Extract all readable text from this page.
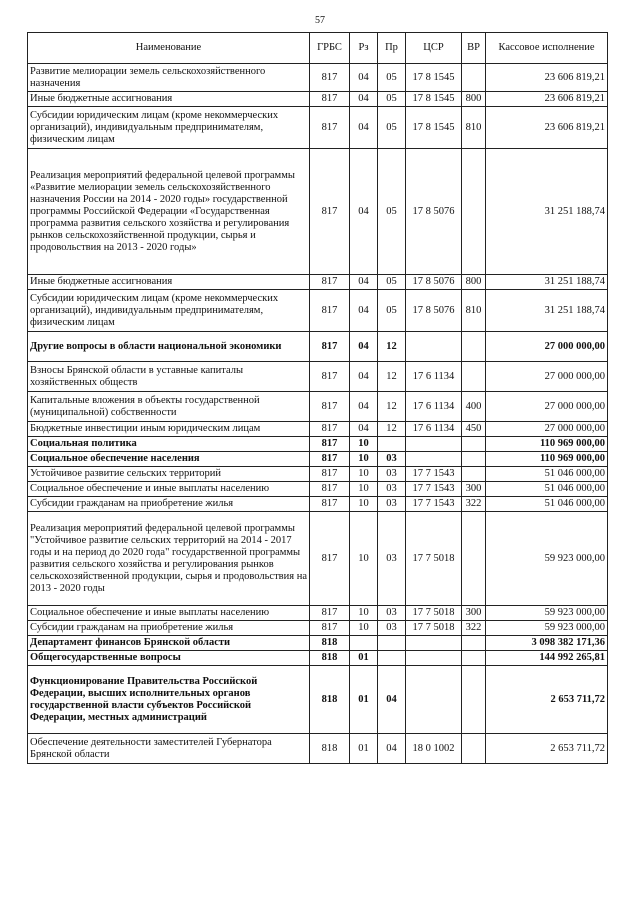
57
Наименование	ГРБС	Рз	Пр	ЦСР	ВР	Кассовое исполнение
Развитие мелиорации земель сельскохозяйственного назначения	817	04	05	17 8 1545		23 606 819,21
Иные бюджетные ассигнования	817	04	05	17 8 1545	800	23 606 819,21
Субсидии юридическим лицам (кроме некоммерческих организаций), индивидуальным предпринимателям, физическим лицам	817	04	05	17 8 1545	810	23 606 819,21
Реализация мероприятий федеральной целевой программы «Развитие мелиорации земель сельскохозяйственного назначения России на 2014 - 2020 годы» государственной программы Российской Федерации «Государственная программа развития сельского хозяйства и регулирования рынков сельскохозяйственной продукции, сырья и продовольствия на 2013 - 2020 годы»	817	04	05	17 8 5076		31 251 188,74
Иные бюджетные ассигнования	817	04	05	17 8 5076	800	31 251 188,74
Субсидии юридическим лицам (кроме некоммерческих организаций), индивидуальным предпринимателям, физическим лицам	817	04	05	17 8 5076	810	31 251 188,74
Другие вопросы в области национальной экономики	817	04	12			27 000 000,00
Взносы Брянской области в уставные капиталы хозяйственных обществ	817	04	12	17 6 1134		27 000 000,00
Капитальные вложения в объекты государственной (муниципальной) собственности	817	04	12	17 6 1134	400	27 000 000,00
Бюджетные инвестиции иным юридическим лицам	817	04	12	17 6 1134	450	27 000 000,00
Социальная политика	817	10				110 969 000,00
Социальное обеспечение населения	817	10	03			110 969 000,00
Устойчивое развитие сельских территорий	817	10	03	17 7 1543		51 046 000,00
Социальное обеспечение и иные выплаты населению	817	10	03	17 7 1543	300	51 046 000,00
Субсидии гражданам на приобретение жилья	817	10	03	17 7 1543	322	51 046 000,00
Реализация мероприятий федеральной целевой программы "Устойчивое развитие сельских территорий на 2014 - 2017 годы и на период до 2020 года" государственной программы развития сельского хозяйства и регулирования рынков сельскохозяйственной продукции, сырья и продовольствия на 2013 - 2020 годы	817	10	03	17 7 5018		59 923 000,00
Социальное обеспечение и иные выплаты населению	817	10	03	17 7 5018	300	59 923 000,00
Субсидии гражданам на приобретение жилья	817	10	03	17 7 5018	322	59 923 000,00
Департамент финансов Брянской области	818					3 098 382 171,36
Общегосударственные вопросы	818	01				144 992 265,81
Функционирование Правительства Российской Федерации, высших исполнительных органов государственной власти субъектов Российской Федерации, местных администраций	818	01	04			2 653 711,72
Обеспечение деятельности заместителей Губернатора Брянской области	818	01	04	18 0 1002		2 653 711,72
